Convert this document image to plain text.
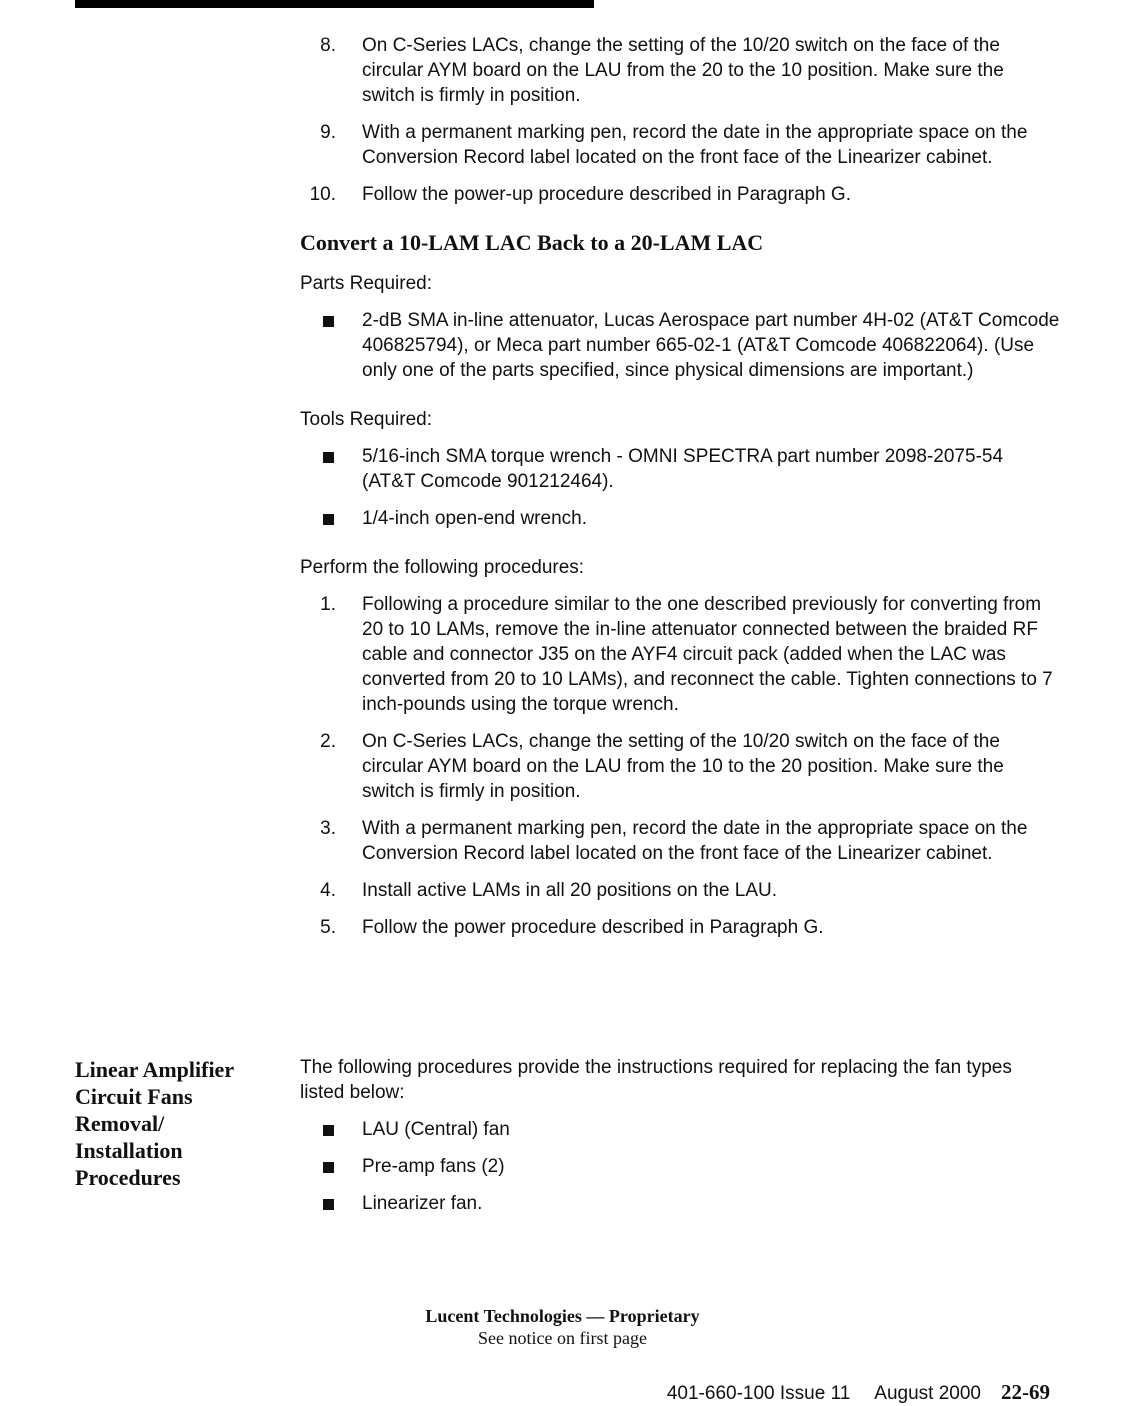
8. On C-Series LACs, change the setting of the 10/20 switch on the face of the circular AYM board on the LAU from the 20 to the 10 position. Make sure the switch is firmly in position.
9. With a permanent marking pen, record the date in the appropriate space on the Conversion Record label located on the front face of the Linearizer cabinet.
10. Follow the power-up procedure described in Paragraph G.
Convert a 10-LAM LAC Back to a 20-LAM LAC
Parts Required:
2-dB SMA in-line attenuator, Lucas Aerospace part number 4H-02 (AT&T Comcode 406825794), or Meca part number 665-02-1 (AT&T Comcode 406822064). (Use only one of the parts specified, since physical dimensions are important.)
Tools Required:
5/16-inch SMA torque wrench - OMNI SPECTRA part number 2098-2075-54 (AT&T Comcode 901212464).
1/4-inch open-end wrench.
Perform the following procedures:
1. Following a procedure similar to the one described previously for converting from 20 to 10 LAMs, remove the in-line attenuator connected between the braided RF cable and connector J35 on the AYF4 circuit pack (added when the LAC was converted from 20 to 10 LAMs), and reconnect the cable. Tighten connections to 7 inch-pounds using the torque wrench.
2. On C-Series LACs, change the setting of the 10/20 switch on the face of the circular AYM board on the LAU from the 10 to the 20 position. Make sure the switch is firmly in position.
3. With a permanent marking pen, record the date in the appropriate space on the Conversion Record label located on the front face of the Linearizer cabinet.
4. Install active LAMs in all 20 positions on the LAU.
5. Follow the power procedure described in Paragraph G.
Linear Amplifier
Circuit Fans
Removal/
Installation
Procedures
The following procedures provide the instructions required for replacing the fan types listed below:
LAU (Central) fan
Pre-amp fans (2)
Linearizer fan.
Lucent Technologies — Proprietary
See notice on first page
401-660-100 Issue 11 August 2000 22-69
